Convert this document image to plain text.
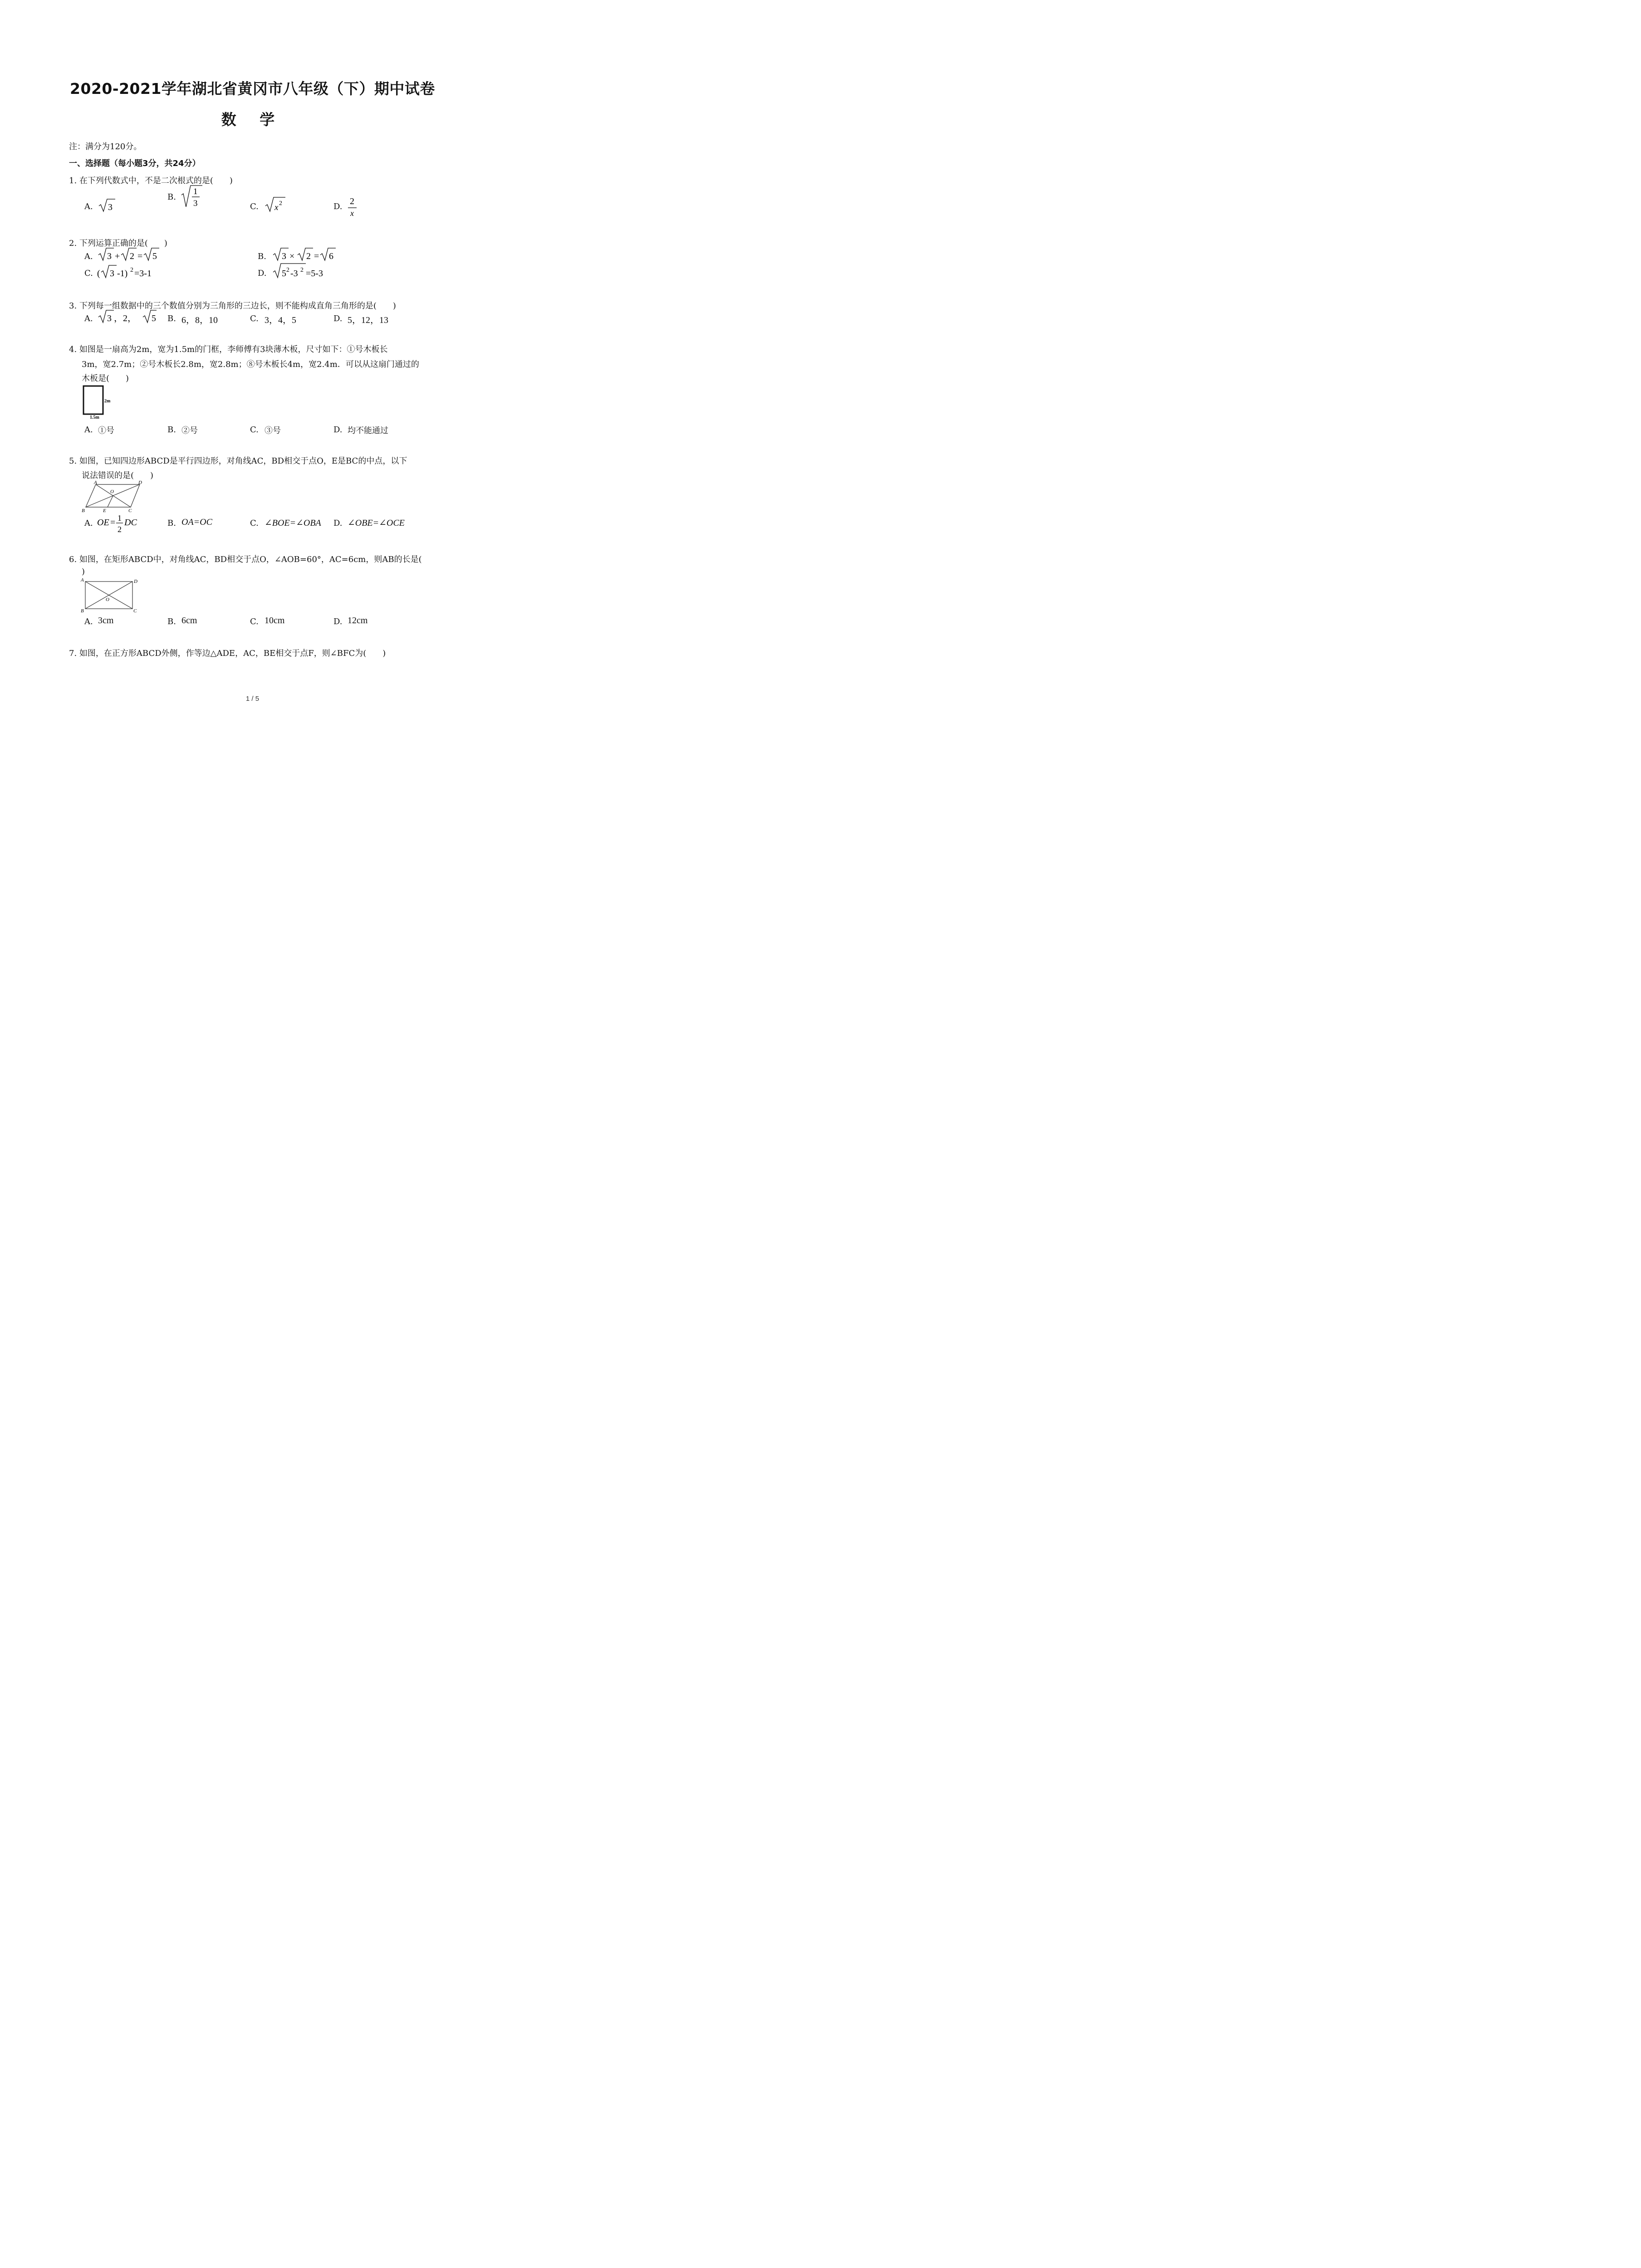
2020-2021学年湖北省黄冈市八年级（下）期中试卷
数 学
注：满分为120分。
一、选择题（每小题3分，共24分）
1. 在下列代数式中，不是二次根式的是(　　)
A. 3
B.
1
3	C. x 2	D.
2
x
2. 下列运算正确的是(　　)
A. 3 + 2 = 5	B. 3 × 2 = 6
C. ( 3 -1) 2 =3-1	D. 5 2 -3 2 =5-3
3. 下列每一组数据中的三个数值分别为三角形的三边长，则不能构成直角三角形的是(　　)
A. 3 ，2， 5 B. 6，8，10	C. 3，4，5	D. 5，12，13
4. 如图是一扇高为2m，宽为1.5m的门框，李师傅有3块薄木板，尺寸如下：①号木板长
3m，宽2.7m；②号木板长2.8m，宽2.8m；⑧号木板长4m，宽2.4m．可以从这扇门通过的
木板是(　　)
2m
1.5m
A. ①号	B. ②号	C. ③号	D. 均不能通过
5. 如图，已知四边形ABCD是平行四边形，对角线AC，BD相交于点O，E是BC的中点，以下
说法错误的是(　　)
A	D
O
B	E	C
A. OE = 1
2
DC	B. OA=OC	C. ∠BOE=∠OBA D. ∠OBE=∠OCE
6. 如图，在矩形ABCD中，对角线AC，BD相交于点O，∠AOB=60°，AC=6cm，则AB的长是(
)
A	D
O
B	C
A. 3cm	B. 6cm	C. 10cm	D. 12cm
7. 如图，在正方形ABCD外侧，作等边△ADE，AC，BE相交于点F，则∠BFC为(　　)
1 / 5
